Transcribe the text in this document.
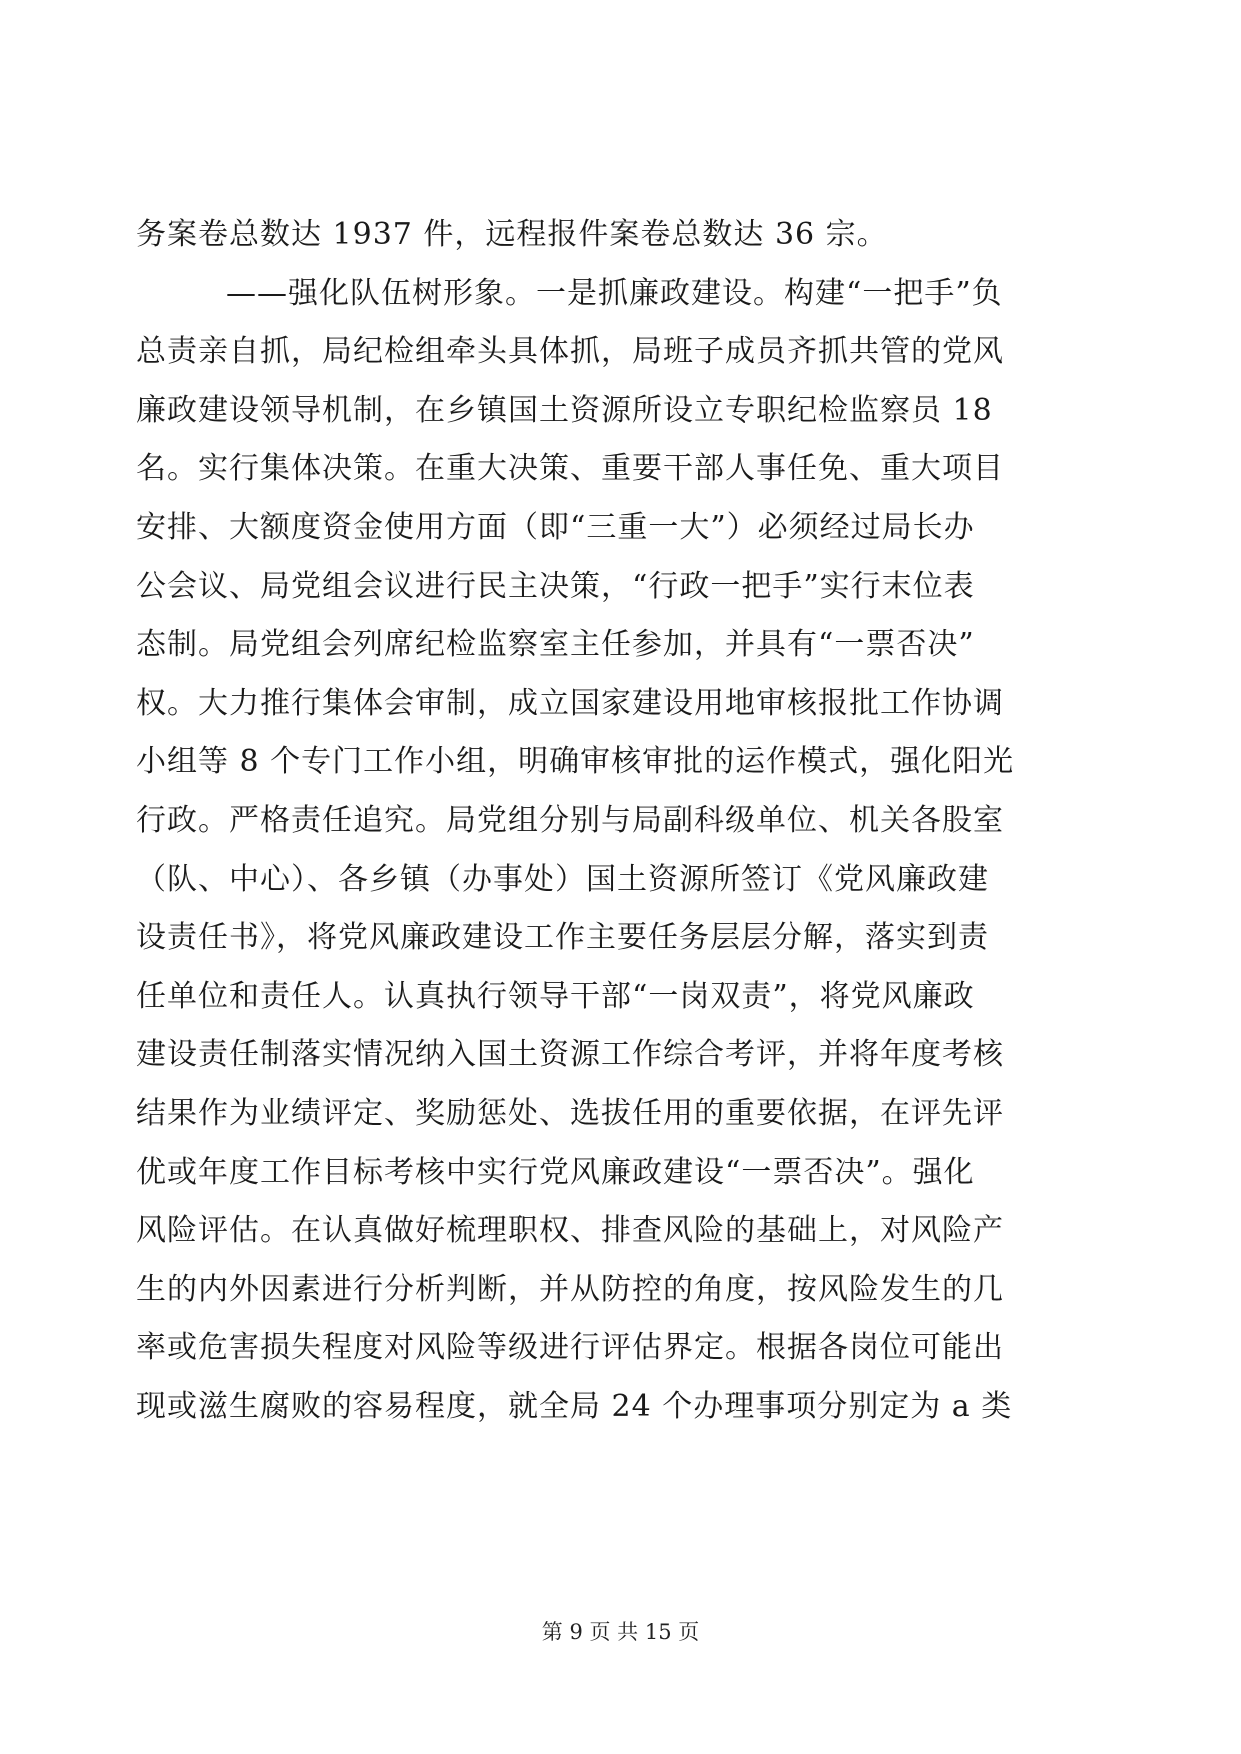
务案卷总数达 1937 件，远程报件案卷总数达 36 宗。
——强化队伍树形象。一是抓廉政建设。构建“一把手”负
总责亲自抓，局纪检组牵头具体抓，局班子成员齐抓共管的党风
廉政建设领导机制，在乡镇国土资源所设立专职纪检监察员 18
名。实行集体决策。在重大决策、重要干部人事任免、重大项目
安排、大额度资金使用方面（即“三重一大”）必须经过局长办
公会议、局党组会议进行民主决策，“行政一把手”实行末位表
态制。局党组会列席纪检监察室主任参加，并具有“一票否决”
权。大力推行集体会审制，成立国家建设用地审核报批工作协调
小组等 8 个专门工作小组，明确审核审批的运作模式，强化阳光
行政。严格责任追究。局党组分别与局副科级单位、机关各股室
（队、中心）、各乡镇（办事处）国土资源所签订《党风廉政建
设责任书》，将党风廉政建设工作主要任务层层分解，落实到责
任单位和责任人。认真执行领导干部“一岗双责”，将党风廉政
建设责任制落实情况纳入国土资源工作综合考评，并将年度考核
结果作为业绩评定、奖励惩处、选拔任用的重要依据，在评先评
优或年度工作目标考核中实行党风廉政建设“一票否决”。强化
风险评估。在认真做好梳理职权、排查风险的基础上，对风险产
生的内外因素进行分析判断，并从防控的角度，按风险发生的几
率或危害损失程度对风险等级进行评估界定。根据各岗位可能出
现或滋生腐败的容易程度，就全局 24 个办理事项分别定为 a 类
第 9 页 共 15 页
